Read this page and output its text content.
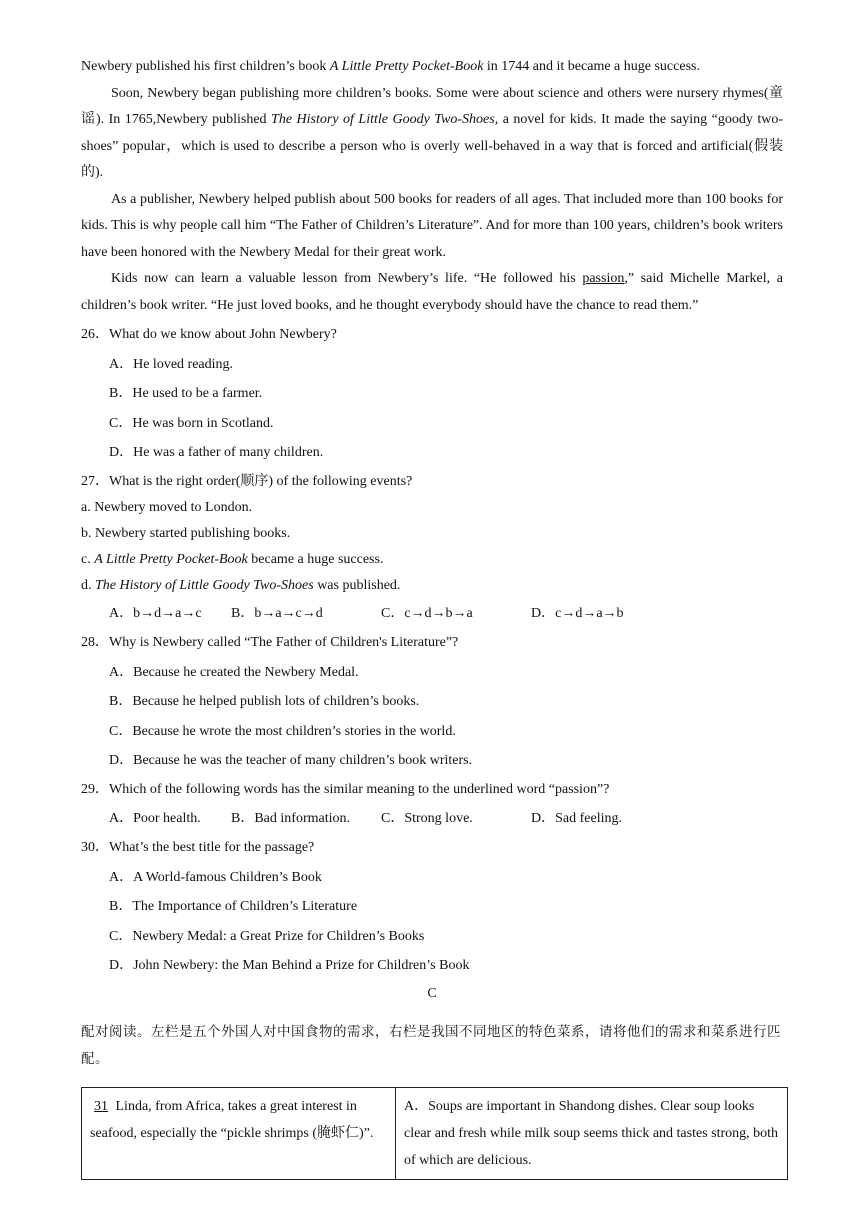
Newbery published his first children’s book A Little Pretty Pocket-Book in 1744 and it became a huge success.

Soon, Newbery began publishing more children’s books. Some were about science and others were nursery rhymes(童谣). In 1765,Newbery published The History of Little Goody Two-Shoes, a novel for kids. It made the saying “goody two-shoes” popular，which is used to describe a person who is overly well-behaved in a way that is forced and artificial(假装的).

As a publisher, Newbery helped publish about 500 books for readers of all ages. That included more than 100 books for kids. This is why people call him “The Father of Children’s Literature”. And for more than 100 years, children’s book writers have been honored with the Newbery Medal for their great work.

Kids now can learn a valuable lesson from Newbery’s life. “He followed his passion,” said Michelle Markel, a children’s book writer. “He just loved books, and he thought everybody should have the chance to read them.”

26．What do we know about John Newbery?

A．He loved reading.

B．He used to be a farmer.

C．He was born in Scotland.

D．He was a father of many children.

27．What is the right order(顺序) of the following events?

a. Newbery moved to London.

b. Newbery started publishing books.

c. A Little Pretty Pocket-Book became a huge success.

d. The History of Little Goody Two-Shoes was published.

A．b→d→a→c	B．b→a→c→d	C．c→d→b→a	D．c→d→a→b

28．Why is Newbery called “The Father of Children's Literature”?

A．Because he created the Newbery Medal.

B．Because he helped publish lots of children’s books.

C．Because he wrote the most children’s stories in the world.

D．Because he was the teacher of many children’s book writers.

29．Which of the following words has the similar meaning to the underlined word “passion”?

A．Poor health.	B．Bad information.	C．Strong love.	D．Sad feeling.

30．What’s the best title for the passage?

A．A World-famous Children’s Book

B．The Importance of Children’s Literature

C．Newbery Medal: a Great Prize for Children’s Books

D．John Newbery: the Man Behind a Prize for Children’s Book

C

配对阅读。左栏是五个外国人对中国食物的需求，右栏是我国不同地区的特色菜系，请将他们的需求和菜系进行匹配。

31 Linda, from Africa, takes a great interest in seafood, especially the “pickle shrimps (腌虾仁)”.	A．Soups are important in Shandong dishes. Clear soup looks clear and fresh while milk soup seems thick and tastes strong, both of which are delicious.
